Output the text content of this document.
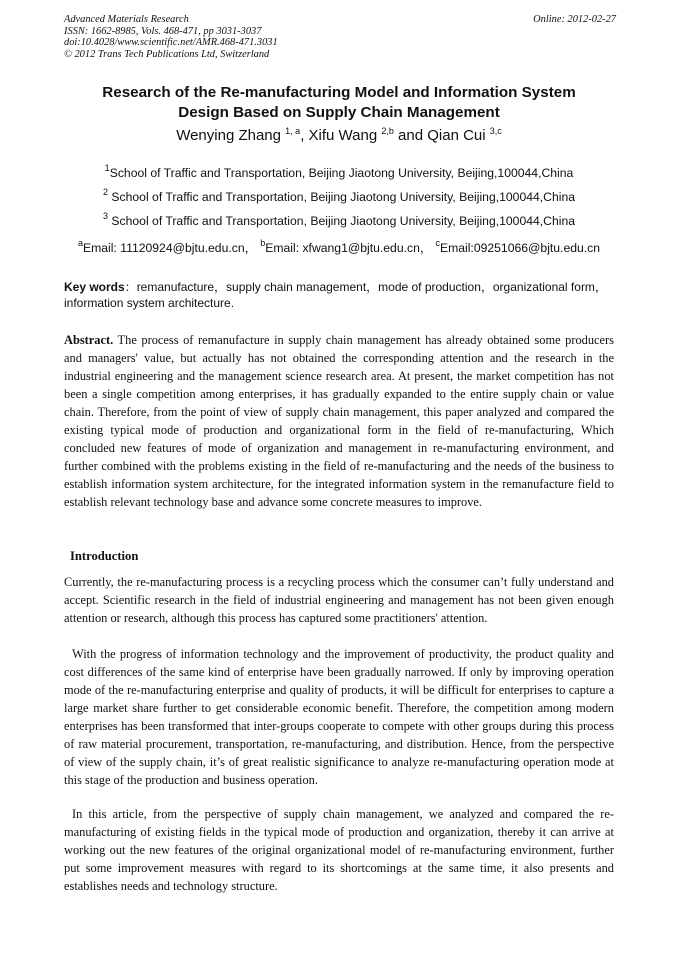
Advanced Materials Research
ISSN: 1662-8985, Vols. 468-471, pp 3031-3037
doi:10.4028/www.scientific.net/AMR.468-471.3031
© 2012 Trans Tech Publications Ltd, Switzerland
Online: 2012-02-27
Research of the Re-manufacturing Model and Information System
Design Based on Supply Chain Management
Wenying Zhang $^{1, a}$, Xifu Wang $^{2,b}$ and Qian Cui $^{3,c}$
$^1$School of Traffic and Transportation, Beijing Jiaotong University, Beijing,100044,China
$^2$ School of Traffic and Transportation, Beijing Jiaotong University, Beijing,100044,China
$^3$ School of Traffic and Transportation, Beijing Jiaotong University, Beijing,100044,China
$^a$Email: 11120924@bjtu.edu.cn， $^b$Email: xfwang1@bjtu.edu.cn， $^c$Email:09251066@bjtu.edu.cn
Key words：remanufacture，supply chain management，mode of production，organizational form，information system architecture.

Abstract. The process of remanufacture in supply chain management has already obtained some producers and managers' value, but actually has not obtained the corresponding attention and the research in the industrial engineering and the management science research area. At present, the market competition has not been a single competition among enterprises, it has gradually expanded to the entire supply chain or value chain. Therefore, from the point of view of supply chain management, this paper analyzed and compared the existing typical mode of production and organizational form in the field of re-manufacturing, Which concluded new features of mode of organization and management in re-manufacturing environment, and further combined with the problems existing in the field of re-manufacturing and the needs of the business to establish information system architecture, for the integrated information system in the remanufacture field to establish relevant technology base and advance some concrete measures to improve.

Introduction

Currently, the re-manufacturing process is a recycling process which the consumer can’t fully understand and accept. Scientific research in the field of industrial engineering and management has not been given enough attention or research, although this process has captured some practitioners' attention.

With the progress of information technology and the improvement of productivity, the product quality and cost differences of the same kind of enterprise have been gradually narrowed. If only by improving operation mode of the re-manufacturing enterprise and quality of products, it will be difficult for enterprises to capture a large market share further to get considerable economic benefit. Therefore, the competition among modern enterprises has been transformed that inter-groups cooperate to compete with other groups during this process of raw material procurement, transportation, re-manufacturing, and distribution. Hence, from the perspective of view of the supply chain, it’s of great realistic significance to analyze re-manufacturing operation mode at this stage of the production and business operation.

In this article, from the perspective of supply chain management, we analyzed and compared the re-manufacturing of existing fields in the typical mode of production and organization, thereby it can arrive at working out the new features of the original organizational model of re-manufacturing environment, further put some improvement measures with regard to its shortcomings at the same time, it also presents and establishes needs and technology structure.
